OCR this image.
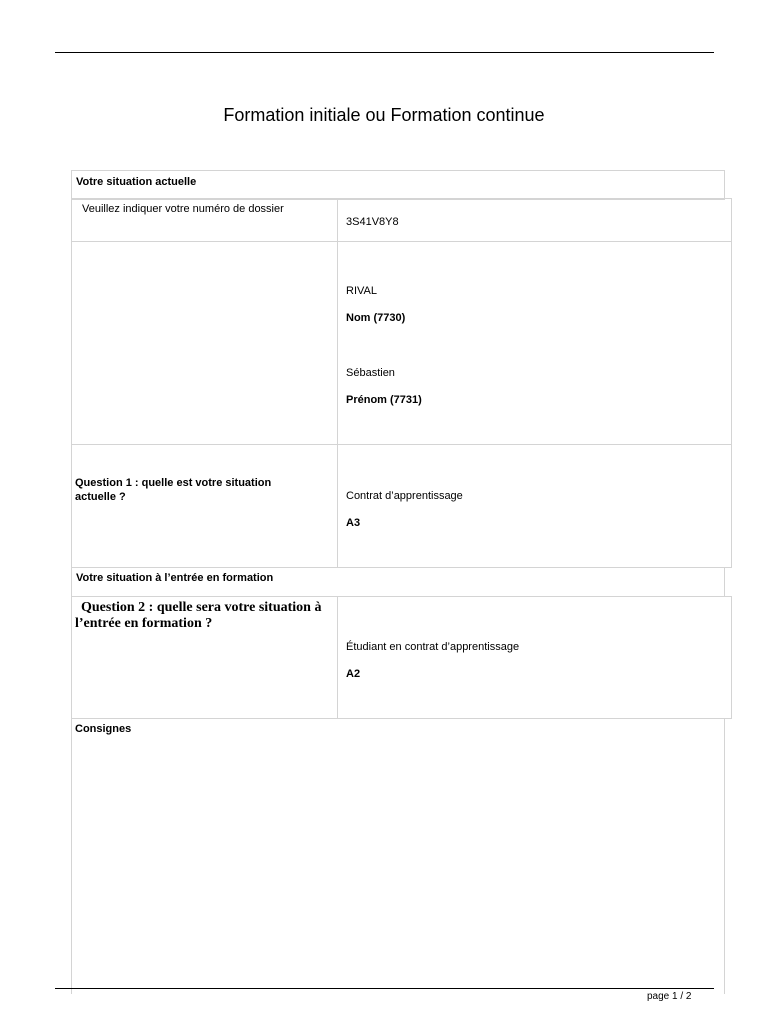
Formation initiale ou Formation continue
Votre situation actuelle
Veuillez indiquer votre numéro de dossier
3S41V8Y8
RIVAL
Nom (7730)
Sébastien
Prénom (7731)
Question 1 : quelle est votre situation actuelle ?	Contrat d’apprentissage
A3
Votre situation à l’entrée en formation
Question 2 : quelle sera votre situation à l’entrée en formation ?
Étudiant en contrat d’apprentissage
A2
Consignes
page 1 / 2
